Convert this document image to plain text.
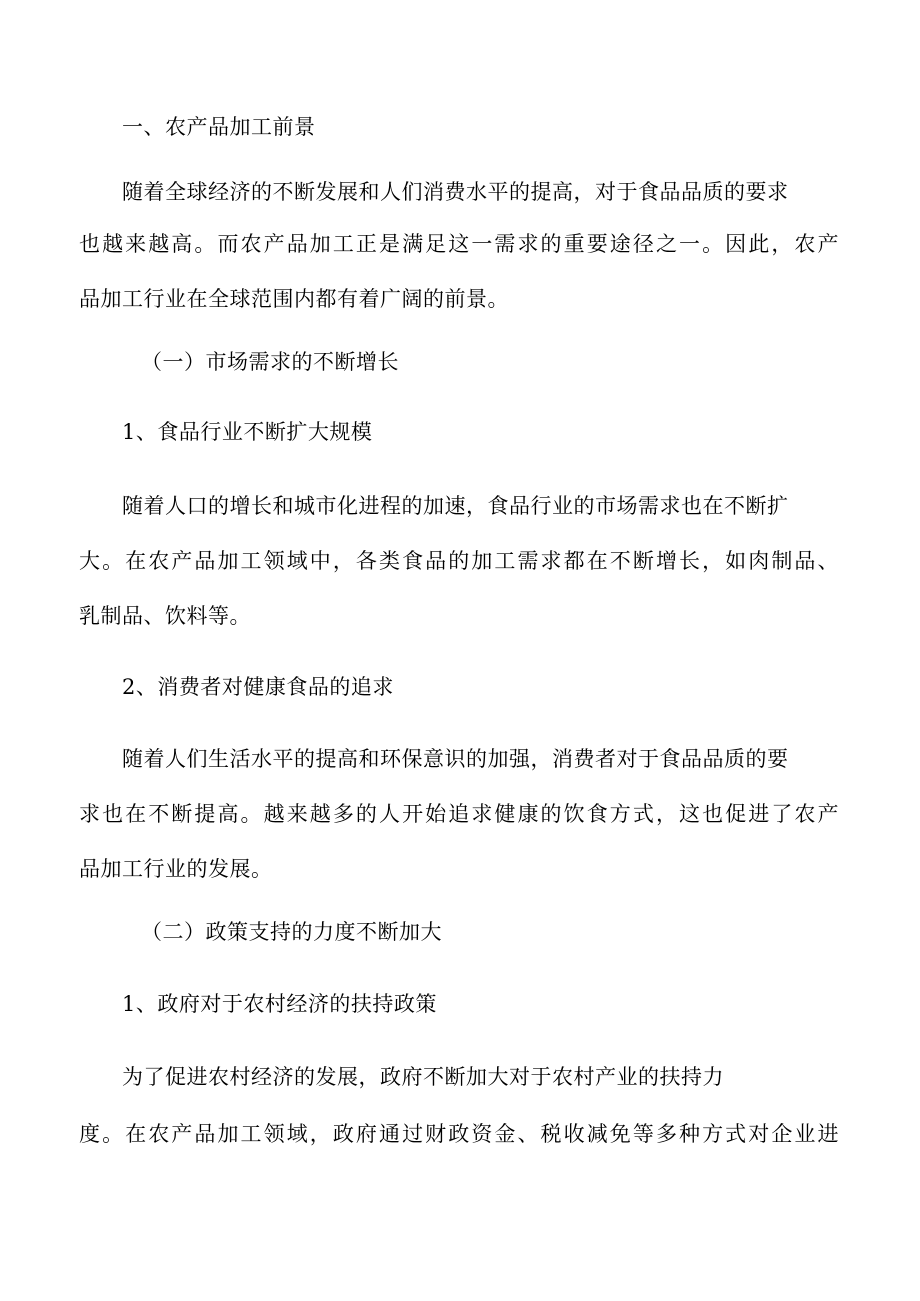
一、农产品加工前景
随着全球经济的不断发展和人们消费水平的提高，对于食品品质的要求
也越来越高。而农产品加工正是满足这一需求的重要途径之一。因此，农产
品加工行业在全球范围内都有着广阔的前景。
（一）市场需求的不断增长
1、食品行业不断扩大规模
随着人口的增长和城市化进程的加速，食品行业的市场需求也在不断扩
大。在农产品加工领域中，各类食品的加工需求都在不断增长，如肉制品、
乳制品、饮料等。
2、消费者对健康食品的追求
随着人们生活水平的提高和环保意识的加强，消费者对于食品品质的要
求也在不断提高。越来越多的人开始追求健康的饮食方式，这也促进了农产
品加工行业的发展。
（二）政策支持的力度不断加大
1、政府对于农村经济的扶持政策
为了促进农村经济的发展，政府不断加大对于农村产业的扶持力
度。在农产品加工领域，政府通过财政资金、税收减免等多种方式对企业进
